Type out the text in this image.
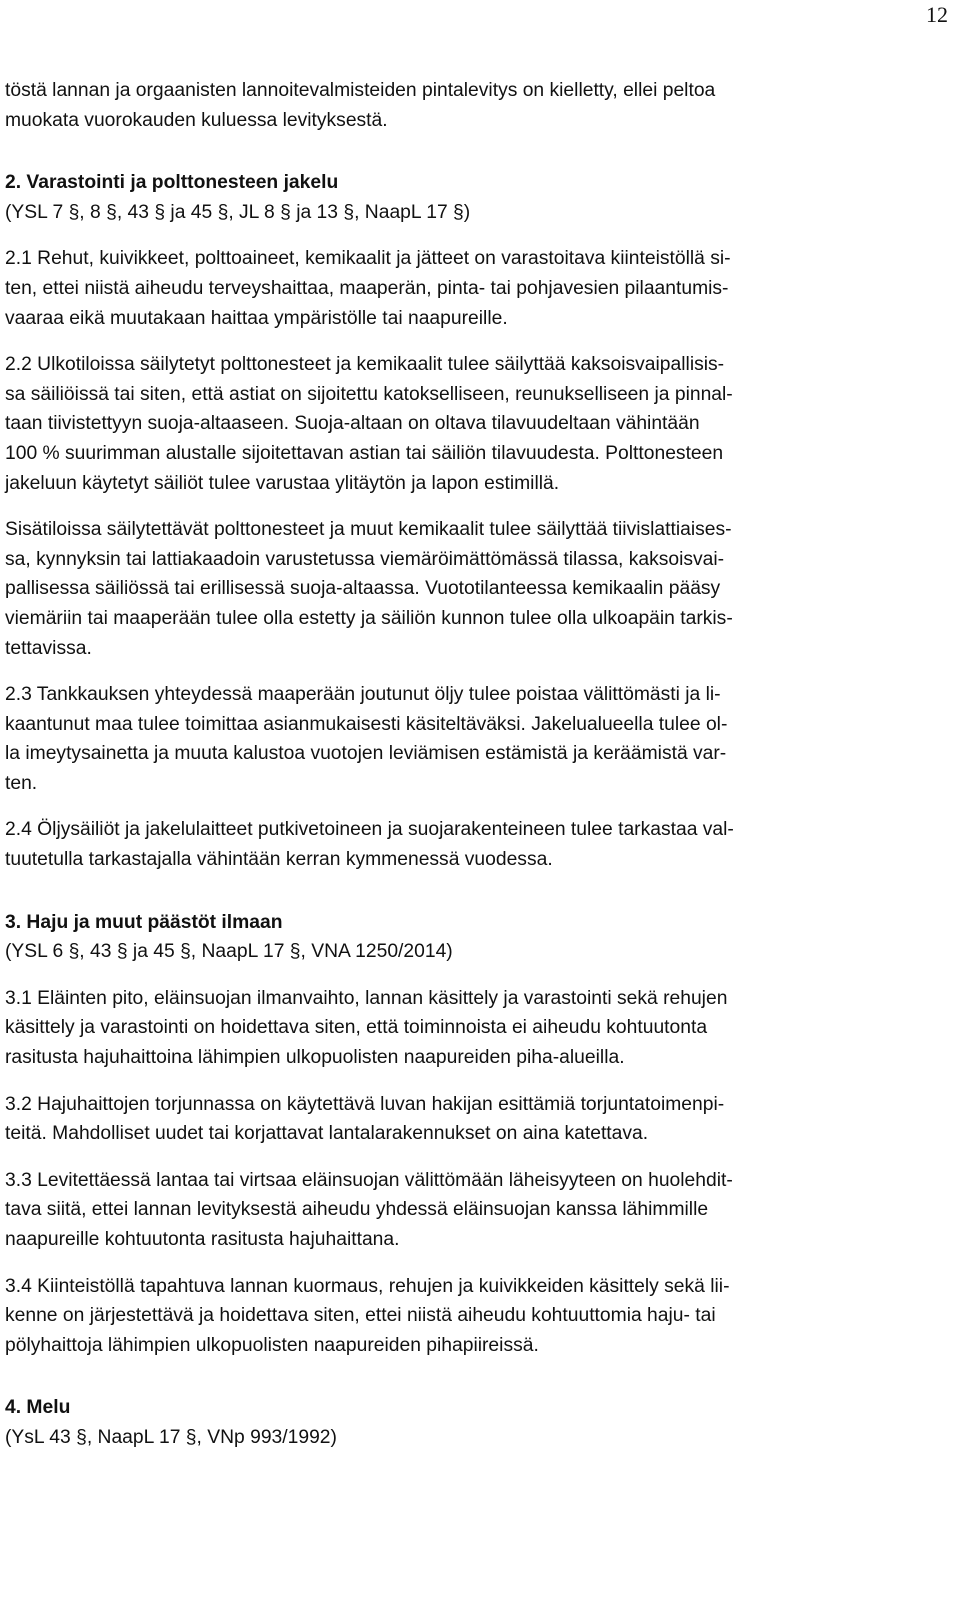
12
töstä lannan ja orgaanisten lannoitevalmisteiden pintalevitys on kielletty, ellei peltoa
muokata vuorokauden kuluessa levityksestä.
2. Varastointi ja polttonesteen jakelu
(YSL 7 §, 8 §, 43 § ja 45 §, JL 8 § ja 13 §, NaapL 17 §)
2.1 Rehut, kuivikkeet, polttoaineet, kemikaalit ja jätteet on varastoitava kiinteistöllä si-
ten, ettei niistä aiheudu terveyshaittaa, maaperän, pinta- tai pohjavesien pilaantumis-
vaaraa eikä muutakaan haittaa ympäristölle tai naapureille.
2.2 Ulkotiloissa säilytetyt polttonesteet ja kemikaalit tulee säilyttää kaksoisvaipallisis-
sa säiliöissä tai siten, että astiat on sijoitettu katokselliseen, reunukselliseen ja pinnal-
taan tiivistettyyn suoja-altaaseen. Suoja-altaan on oltava tilavuudeltaan vähintään
100 % suurimman alustalle sijoitettavan astian tai säiliön tilavuudesta. Polttonesteen
jakeluun käytetyt säiliöt tulee varustaa ylitäytön ja lapon estimillä.
Sisätiloissa säilytettävät polttonesteet ja muut kemikaalit tulee säilyttää tiivislattiaises-
sa, kynnyksin tai lattiakaadoin varustetussa viemäröimättömässä tilassa, kaksoisvai-
pallisessa säiliössä tai erillisessä suoja-altaassa. Vuototilanteessa kemikaalin pääsy
viemäriin tai maaperään tulee olla estetty ja säiliön kunnon tulee olla ulkoapäin tarkis-
tettavissa.
2.3 Tankkauksen yhteydessä maaperään joutunut öljy tulee poistaa välittömästi ja li-
kaantunut maa tulee toimittaa asianmukaisesti käsiteltäväksi. Jakelualueella tulee ol-
la imeytysainetta ja muuta kalustoa vuotojen leviämisen estämistä ja keräämistä var-
ten.
2.4 Öljysäiliöt ja jakelulaitteet putkivetoineen ja suojarakenteineen tulee tarkastaa val-
tuutetulla tarkastajalla vähintään kerran kymmenessä vuodessa.
3. Haju ja muut päästöt ilmaan
(YSL 6 §, 43 § ja 45 §, NaapL 17 §, VNA 1250/2014)
3.1 Eläinten pito, eläinsuojan ilmanvaihto, lannan käsittely ja varastointi sekä rehujen
käsittely ja varastointi on hoidettava siten, että toiminnoista ei aiheudu kohtuutonta
rasitusta hajuhaittoina lähimpien ulkopuolisten naapureiden piha-alueilla.
3.2 Hajuhaittojen torjunnassa on käytettävä luvan hakijan esittämiä torjuntatoimenpi-
teitä. Mahdolliset uudet tai korjattavat lantalarakennukset on aina katettava.
3.3 Levitettäessä lantaa tai virtsaa eläinsuojan välittömään läheisyyteen on huolehdit-
tava siitä, ettei lannan levityksestä aiheudu yhdessä eläinsuojan kanssa lähimmille
naapureille kohtuutonta rasitusta hajuhaittana.
3.4 Kiinteistöllä tapahtuva lannan kuormaus, rehujen ja kuivikkeiden käsittely sekä lii-
kenne on järjestettävä ja hoidettava siten, ettei niistä aiheudu kohtuuttomia haju- tai
pölyhaittoja lähimpien ulkopuolisten naapureiden pihapiireissä.
4. Melu
(YsL 43 §, NaapL 17 §, VNp 993/1992)
